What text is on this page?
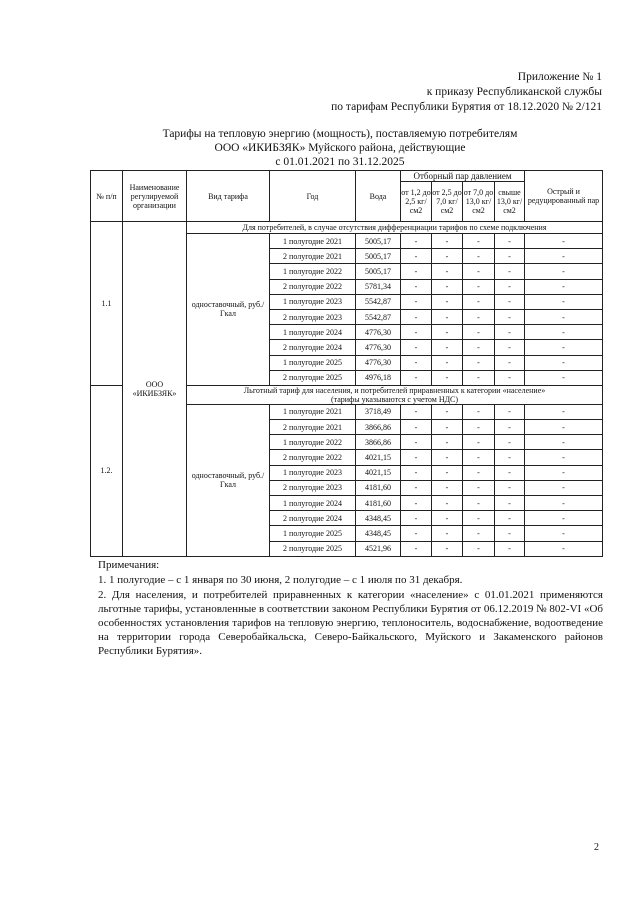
Приложение № 1
к приказу Республиканской службы
по тарифам Республики Бурятия от 18.12.2020 № 2/121
Тарифы на тепловую энергию (мощность), поставляемую потребителям
ООО «ИКИБЗЯК» Муйского района, действующие
с 01.01.2021 по 31.12.2025
№ п/п	Наименование регулируемой организации	Вид тарифа	Год	Вода	Отборный пар давлением				Острый и редуцированный пар
					от 1,2 до 2,5 кг/см2	от 2,5 до 7,0 кг/см2	от 7,0 до 13,0 кг/см2	свыше 13,0 кг/см2	
1.1	ООО «ИКИБЗЯК»	Для потребителей, в случае отсутствия дифференциации тарифов по схеме подключения							

		одноставочный, руб./Гкал	1 полугодие 2021	5005,17	-	-	-	-	-
			2 полугодие 2021	5005,17	-	-	-	-	-
			1 полугодие 2022	5005,17	-	-	-	-	-
			2 полугодие 2022	5781,34	-	-	-	-	-
			1 полугодие 2023	5542,87	-	-	-	-	-
			2 полугодие 2023	5542,87	-	-	-	-	-
			1 полугодие 2024	4776,30	-	-	-	-	-
			2 полугодие 2024	4776,30	-	-	-	-	-
			1 полугодие 2025	4776,30	-	-	-	-	-
			2 полугодие 2025	4976,18	-	-	-	-	-
1.2.		Льготный тариф для населения, и потребителей приравненных к категории «население»
(тарифы указываются с учетом НДС)							

		одноставочный, руб./Гкал	1 полугодие 2021	3718,49	-	-	-	-	-
			2 полугодие 2021	3866,86	-	-	-	-	-
			1 полугодие 2022	3866,86	-	-	-	-	-
			2 полугодие 2022	4021,15	-	-	-	-	-
			1 полугодие 2023	4021,15	-	-	-	-	-
			2 полугодие 2023	4181,60	-	-	-	-	-
			1 полугодие 2024	4181,60	-	-	-	-	-
			2 полугодие 2024	4348,45	-	-	-	-	-
			1 полугодие 2025	4348,45	-	-	-	-	-
			2 полугодие 2025	4521,96	-	-	-	-	-
Примечания:
1. 1 полугодие – с 1 января по 30 июня, 2 полугодие – с 1 июля по 31 декабря.
2. Для населения, и потребителей приравненных к категории «население» с 01.01.2021 применяются льготные тарифы, установленные в соответствии законом Республики Бурятия от 06.12.2019 № 802-VI «Об особенностях установления тарифов на тепловую энергию, теплоноситель, водоснабжение, водоотведение на территории города Северобайкальска, Северо-Байкальского, Муйского и Закаменского районов Республики Бурятия».
2
